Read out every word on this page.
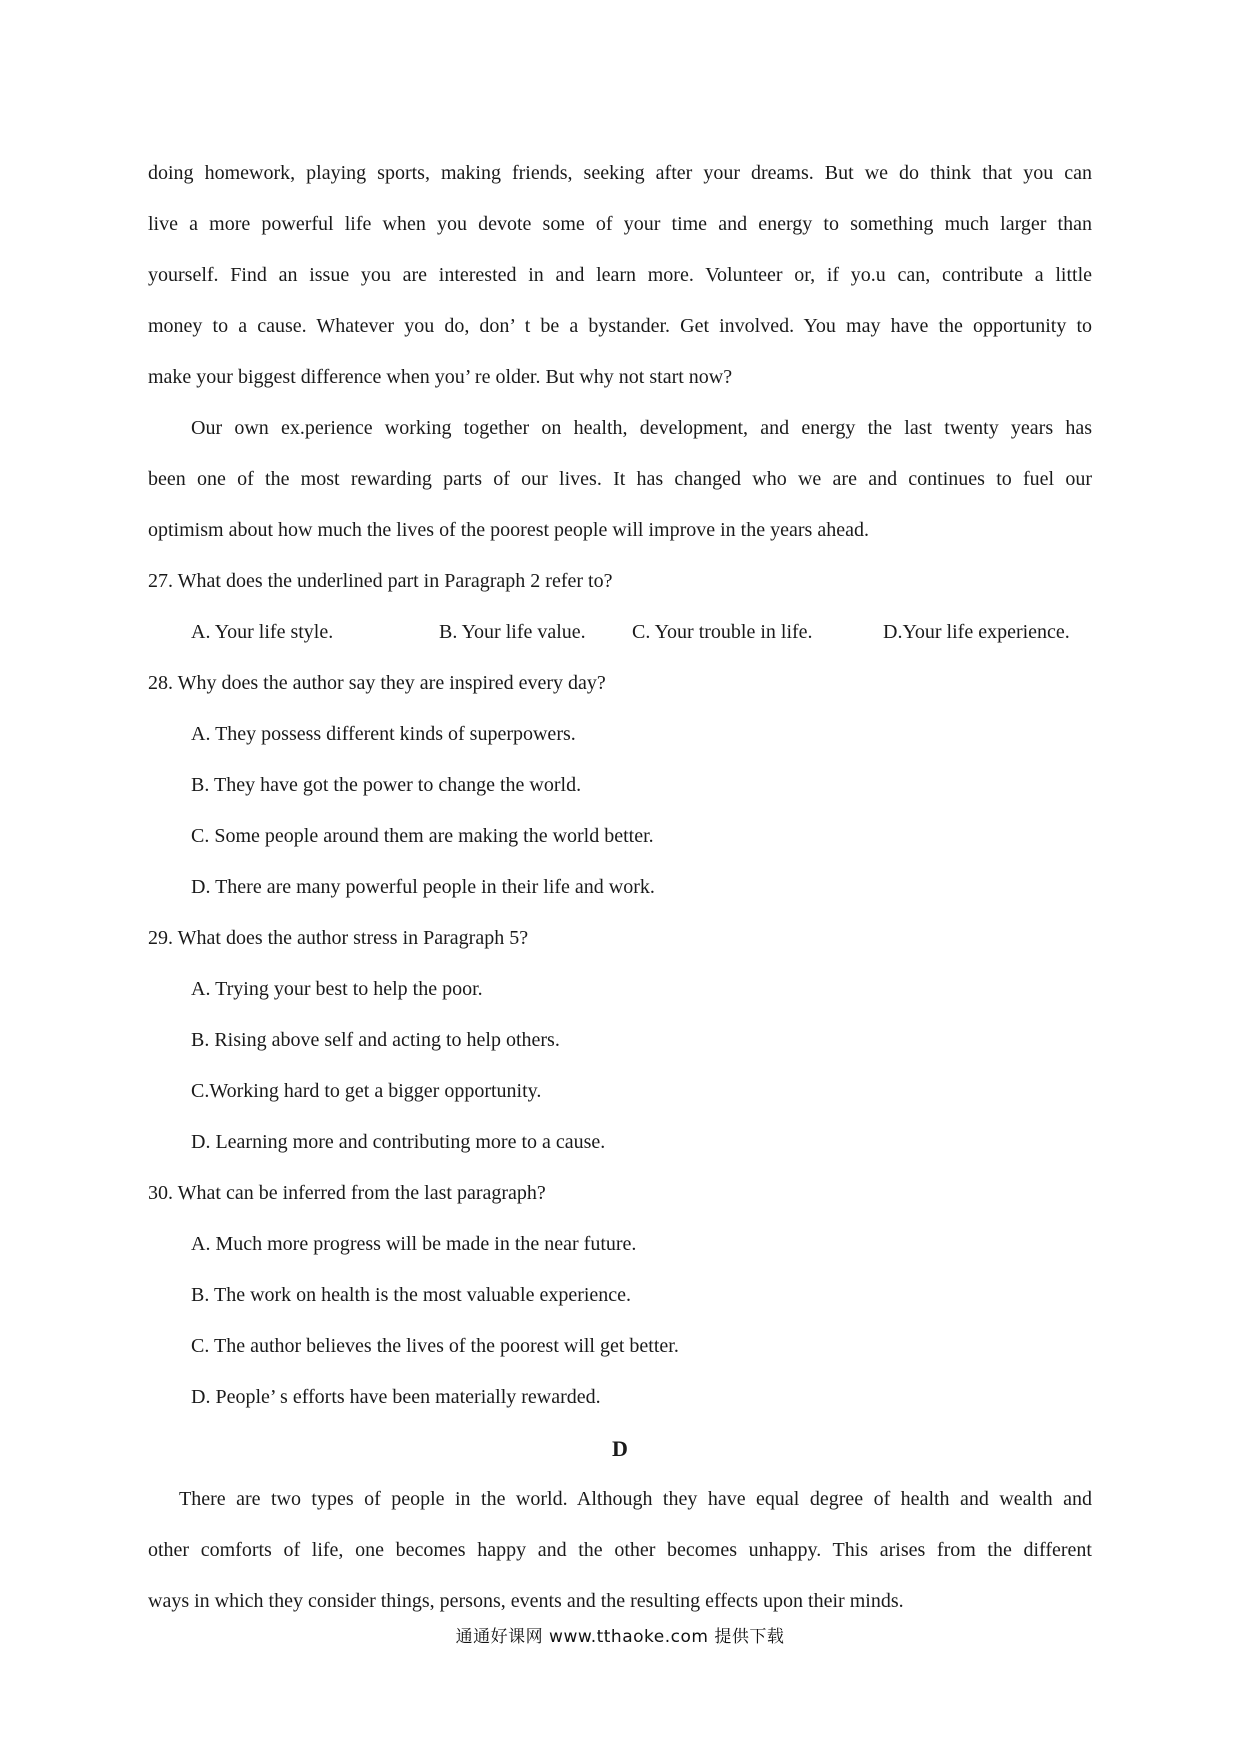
doing homework, playing sports, making friends, seeking after your dreams. But we do think that you can
live a more powerful life when you devote some of your time and energy to something much larger than
yourself. Find an issue you are interested in and learn more. Volunteer or, if yo.u can, contribute a little
money to a cause. Whatever you do, don’ t be a bystander. Get involved. You may have the opportunity to
make your biggest difference when you’ re older. But why not start now?
Our own ex.perience working together on health, development, and energy the last twenty years has
been one of the most rewarding parts of our lives. It has changed who we are and continues to fuel our
optimism about how much the lives of the poorest people will improve in the years ahead.
27. What does the underlined part in Paragraph 2 refer to?
A. Your life style.	B. Your life value. C. Your trouble in life.	D.Your life experience.
28. Why does the author say they are inspired every day?
A. They possess different kinds of superpowers.
B. They have got the power to change the world.
C. Some people around them are making the world better.
D. There are many powerful people in their life and work.
29. What does the author stress in Paragraph 5?
A. Trying your best to help the poor.
B. Rising above self and acting to help others.
C.Working hard to get a bigger opportunity.
D. Learning more and contributing more to a cause.
30. What can be inferred from the last paragraph?
A. Much more progress will be made in the near future.
B. The work on health is the most valuable experience.
C. The author believes the lives of the poorest will get better.
D. People’ s efforts have been materially rewarded.
D
There are two types of people in the world. Although they have equal degree of health and wealth and
other comforts of life, one becomes happy and the other becomes unhappy. This arises from the different
ways in which they consider things, persons, events and the resulting effects upon their minds.
通通好课网 www.tthaoke.com 提供下载
